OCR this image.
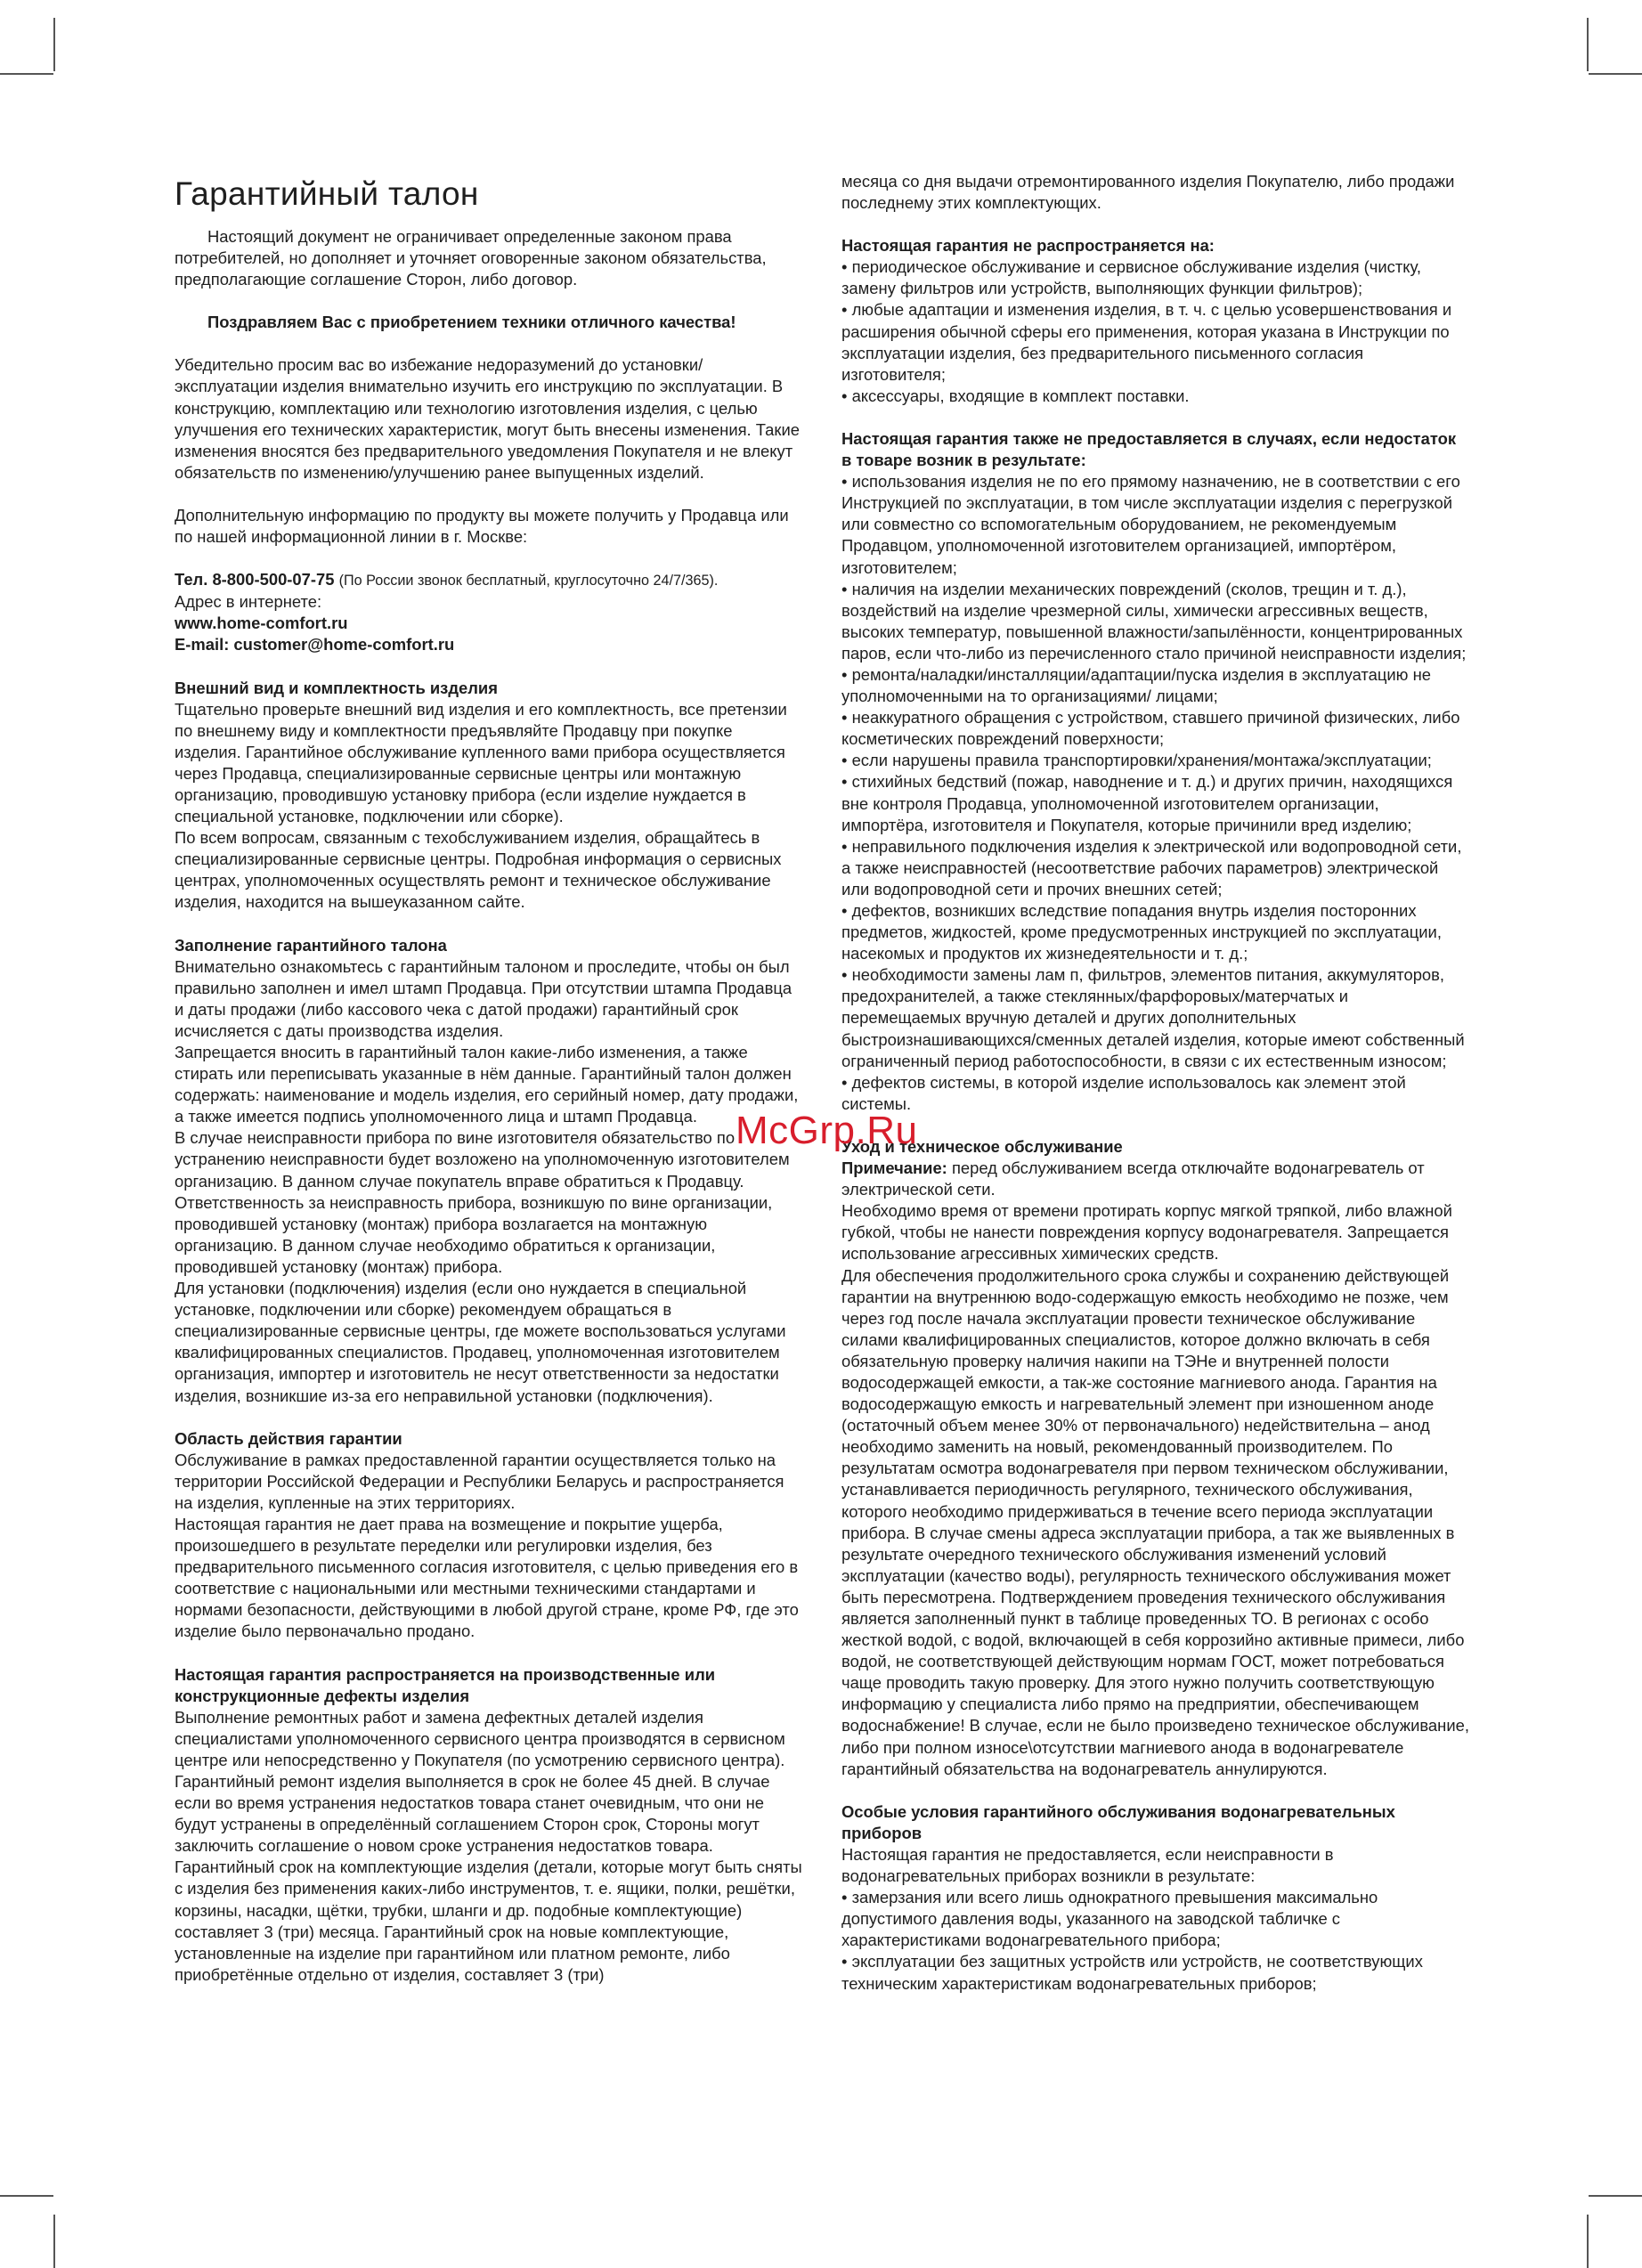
Гарантийный талон

Настоящий документ не ограничивает определенные законом права потребителей, но дополняет и уточняет оговоренные законом обязательства, предполагающие соглашение Сторон, либо договор.

Поздравляем Вас с приобретением техники отличного качества!

Убедительно просим вас во избежание недоразумений до установки/эксплуатации изделия внимательно изучить его инструкцию по эксплуатации. В конструкцию, комплектацию или технологию изготовления изделия, с целью улучшения его технических характеристик, могут быть внесены изменения. Такие изменения вносятся без предварительного уведомления Покупателя и не влекут обязательств по изменению/улучшению ранее выпущенных изделий.

Дополнительную информацию по продукту вы можете получить у Продавца или по нашей информационной линии в г. Москве:

Тел. 8-800-500-07-75 (По России звонок бесплатный, круглосуточно 24/7/365).

Адрес в интернете:

www.home-comfort.ru

E-mail: customer@home-comfort.ru

Внешний вид и комплектность изделия

Тщательно проверьте внешний вид изделия и его комплектность, все претензии по внешнему виду и комплектности предъявляйте Продавцу при покупке изделия. Гарантийное обслуживание купленного вами прибора осуществляется через Продавца, специализированные сервисные центры или монтажную организацию, проводившую установку прибора (если изделие нуждается в специальной установке, подключении или сборке).

По всем вопросам, связанным с техобслуживанием изделия, обращайтесь в специализированные сервисные центры. Подробная информация о сервисных центрах, уполномоченных осуществлять ремонт и техническое обслуживание изделия, находится на вышеуказанном сайте.

Заполнение гарантийного талона

Внимательно ознакомьтесь с гарантийным талоном и проследите, чтобы он был правильно заполнен и имел штамп Продавца. При отсутствии штампа Продавца и даты продажи (либо кассового чека с датой продажи) гарантийный срок исчисляется с даты производства изделия.

Запрещается вносить в гарантийный талон какие-либо изменения, а также стирать или переписывать указанные в нём данные. Гарантийный талон должен содержать: наименование и модель изделия, его серийный номер, дату продажи, а также имеется подпись уполномоченного лица и штамп Продавца.

В случае неисправности прибора по вине изготовителя обязательство по устранению неисправности будет возложено на уполномоченную изготовителем организацию. В данном случае покупатель вправе обратиться к Продавцу.

Ответственность за неисправность прибора, возникшую по вине организации, проводившей установку (монтаж) прибора возлагается на монтажную организацию. В данном случае необходимо обратиться к организации, проводившей установку (монтаж) прибора.

Для установки (подключения) изделия (если оно нуждается в специальной установке, подключении или сборке) рекомендуем обращаться в специализированные сервисные центры, где можете воспользоваться услугами квалифицированных специалистов. Продавец, уполномоченная изготовителем организация, импортер и изготовитель не несут ответственности за недостатки изделия, возникшие из-за его неправильной установки (подключения).

Область действия гарантии

Обслуживание в рамках предоставленной гарантии осуществляется только на территории Российской Федерации и Республики Беларусь и распространяется на изделия, купленные на этих территориях.

Настоящая гарантия не дает права на возмещение и покрытие ущерба, произошедшего в результате переделки или регулировки изделия, без предварительного письменного согласия изготовителя, с целью приведения его в соответствие с национальными или местными техническими стандартами и нормами безопасности, действующими в любой другой стране, кроме РФ, где это изделие было первоначально продано.

Настоящая гарантия распространяется на производственные или конструкционные дефекты изделия

Выполнение ремонтных работ и замена дефектных деталей изделия специалистами уполномоченного сервисного центра производятся в сервисном центре или непосредственно у Покупателя (по усмотрению сервисного центра). Гарантийный ремонт изделия выполняется в срок не более 45 дней. В случае если во время устранения недостатков товара станет очевидным, что они не будут устранены в определённый соглашением Сторон срок, Стороны могут заключить соглашение о новом сроке устранения недостатков товара.

Гарантийный срок на комплектующие изделия (детали, которые могут быть сняты с изделия без применения каких-либо инструментов, т. е. ящики, полки, решётки, корзины, насадки, щётки, трубки, шланги и др. подобные комплектующие) составляет 3 (три) месяца. Гарантийный срок на новые комплектующие, установленные на изделие при гарантийном или платном ремонте, либо приобретённые отдельно от изделия, составляет 3 (три)

месяца со дня выдачи отремонтированного изделия Покупателю, либо продажи последнему этих комплектующих.

Настоящая гарантия не распространяется на:

• периодическое обслуживание и сервисное обслуживание изделия (чистку, замену фильтров или устройств, выполняющих функции фильтров);

• любые адаптации и изменения изделия, в т. ч. с целью усовершенствования и расширения обычной сферы его применения, которая указана в Инструкции по эксплуатации изделия, без предварительного письменного согласия изготовителя;

• аксессуары, входящие в комплект поставки.

Настоящая гарантия также не предоставляется в случаях, если недостаток в товаре возник в результате:

• использования изделия не по его прямому назначению, не в соответствии с его Инструкцией по эксплуатации, в том числе эксплуатации изделия с перегрузкой или совместно со вспомогательным оборудованием, не рекомендуемым Продавцом, уполномоченной изготовителем организацией, импортёром, изготовителем;

• наличия на изделии механических повреждений (сколов, трещин и т. д.), воздействий на изделие чрезмерной силы, химически агрессивных веществ, высоких температур, повышенной влажности/запылённости, концентрированных паров, если что-либо из перечисленного стало причиной неисправности изделия;

• ремонта/наладки/инсталляции/адаптации/пуска изделия в эксплуатацию не уполномоченными на то организациями/ лицами;

• неаккуратного обращения с устройством, ставшего причиной физических, либо косметических повреждений поверхности;

• если нарушены правила транспортировки/хранения/монтажа/эксплуатации;

• стихийных бедствий (пожар, наводнение и т. д.) и других причин, находящихся вне контроля Продавца, уполномоченной изготовителем организации, импортёра, изготовителя и Покупателя, которые причинили вред изделию;

• неправильного подключения изделия к электрической или водопроводной сети, а также неисправностей (несоответствие рабочих параметров) электрической или водопроводной сети и прочих внешних сетей;

• дефектов, возникших вследствие попадания внутрь изделия посторонних предметов, жидкостей, кроме предусмотренных инструкцией по эксплуатации, насекомых и продуктов их жизнедеятельности и т. д.;

• необходимости замены лам п, фильтров, элементов питания, аккумуляторов, предохранителей, а также стеклянных/фарфоровых/матерчатых и перемещаемых вручную деталей и других дополнительных быстроизнашивающихся/сменных деталей изделия, которые имеют собственный ограниченный период работоспособности, в связи с их естественным износом;

• дефектов системы, в которой изделие использовалось как элемент этой системы.

Уход и техническое обслуживание

Примечание: перед обслуживанием всегда отключайте водонагреватель от электрической сети.

Необходимо время от времени протирать корпус мягкой тряпкой, либо влажной губкой, чтобы не нанести повреждения корпусу водонагревателя. Запрещается использование агрессивных химических средств.

Для обеспечения продолжительного срока службы и сохранению действующей гарантии на внутреннюю водо-содержащую емкость необходимо не позже, чем через год после начала эксплуатации провести техническое обслуживание силами квалифицированных специалистов, которое должно включать в себя обязательную проверку наличия накипи на ТЭНе и внутренней полости водосодержащей емкости, а так-же состояние магниевого анода. Гарантия на водосодержащую емкость и нагревательный элемент при изношенном аноде (остаточный объем менее 30% от первоначального) недействительна – анод необходимо заменить на новый, рекомендованный производителем. По результатам осмотра водонагревателя при первом техническом обслуживании, устанавливается периодичность регулярного, технического обслуживания, которого необходимо придерживаться в течение всего периода эксплуатации прибора. В случае смены адреса эксплуатации прибора, а так же выявленных в результате очередного технического обслуживания изменений условий эксплуатации (качество воды), регулярность технического обслуживания может быть пересмотрена. Подтверждением проведения технического обслуживания является заполненный пункт в таблице проведенных ТО. В регионах с особо жесткой водой, с водой, включающей в себя коррозийно активные примеси, либо водой, не соответствующей действующим нормам ГОСТ, может потребоваться чаще проводить такую проверку. Для этого нужно получить соответствующую информацию у специалиста либо прямо на предприятии, обеспечивающем водоснабжение! В случае, если не было произведено техническое обслуживание, либо при полном износе\отсутствии магниевого анода в водонагревателе гарантийный обязательства на водонагреватель аннулируются.

Особые условия гарантийного обслуживания водонагревательных приборов

Настоящая гарантия не предоставляется, если неисправности в водонагревательных приборах возникли в результате:

• замерзания или всего лишь однократного превышения максимально допустимого давления воды, указанного на заводской табличке с характеристиками водонагревательного прибора;

• эксплуатации без защитных устройств или устройств, не соответствующих техническим характеристикам водонагревательных приборов;

McGrp.Ru
